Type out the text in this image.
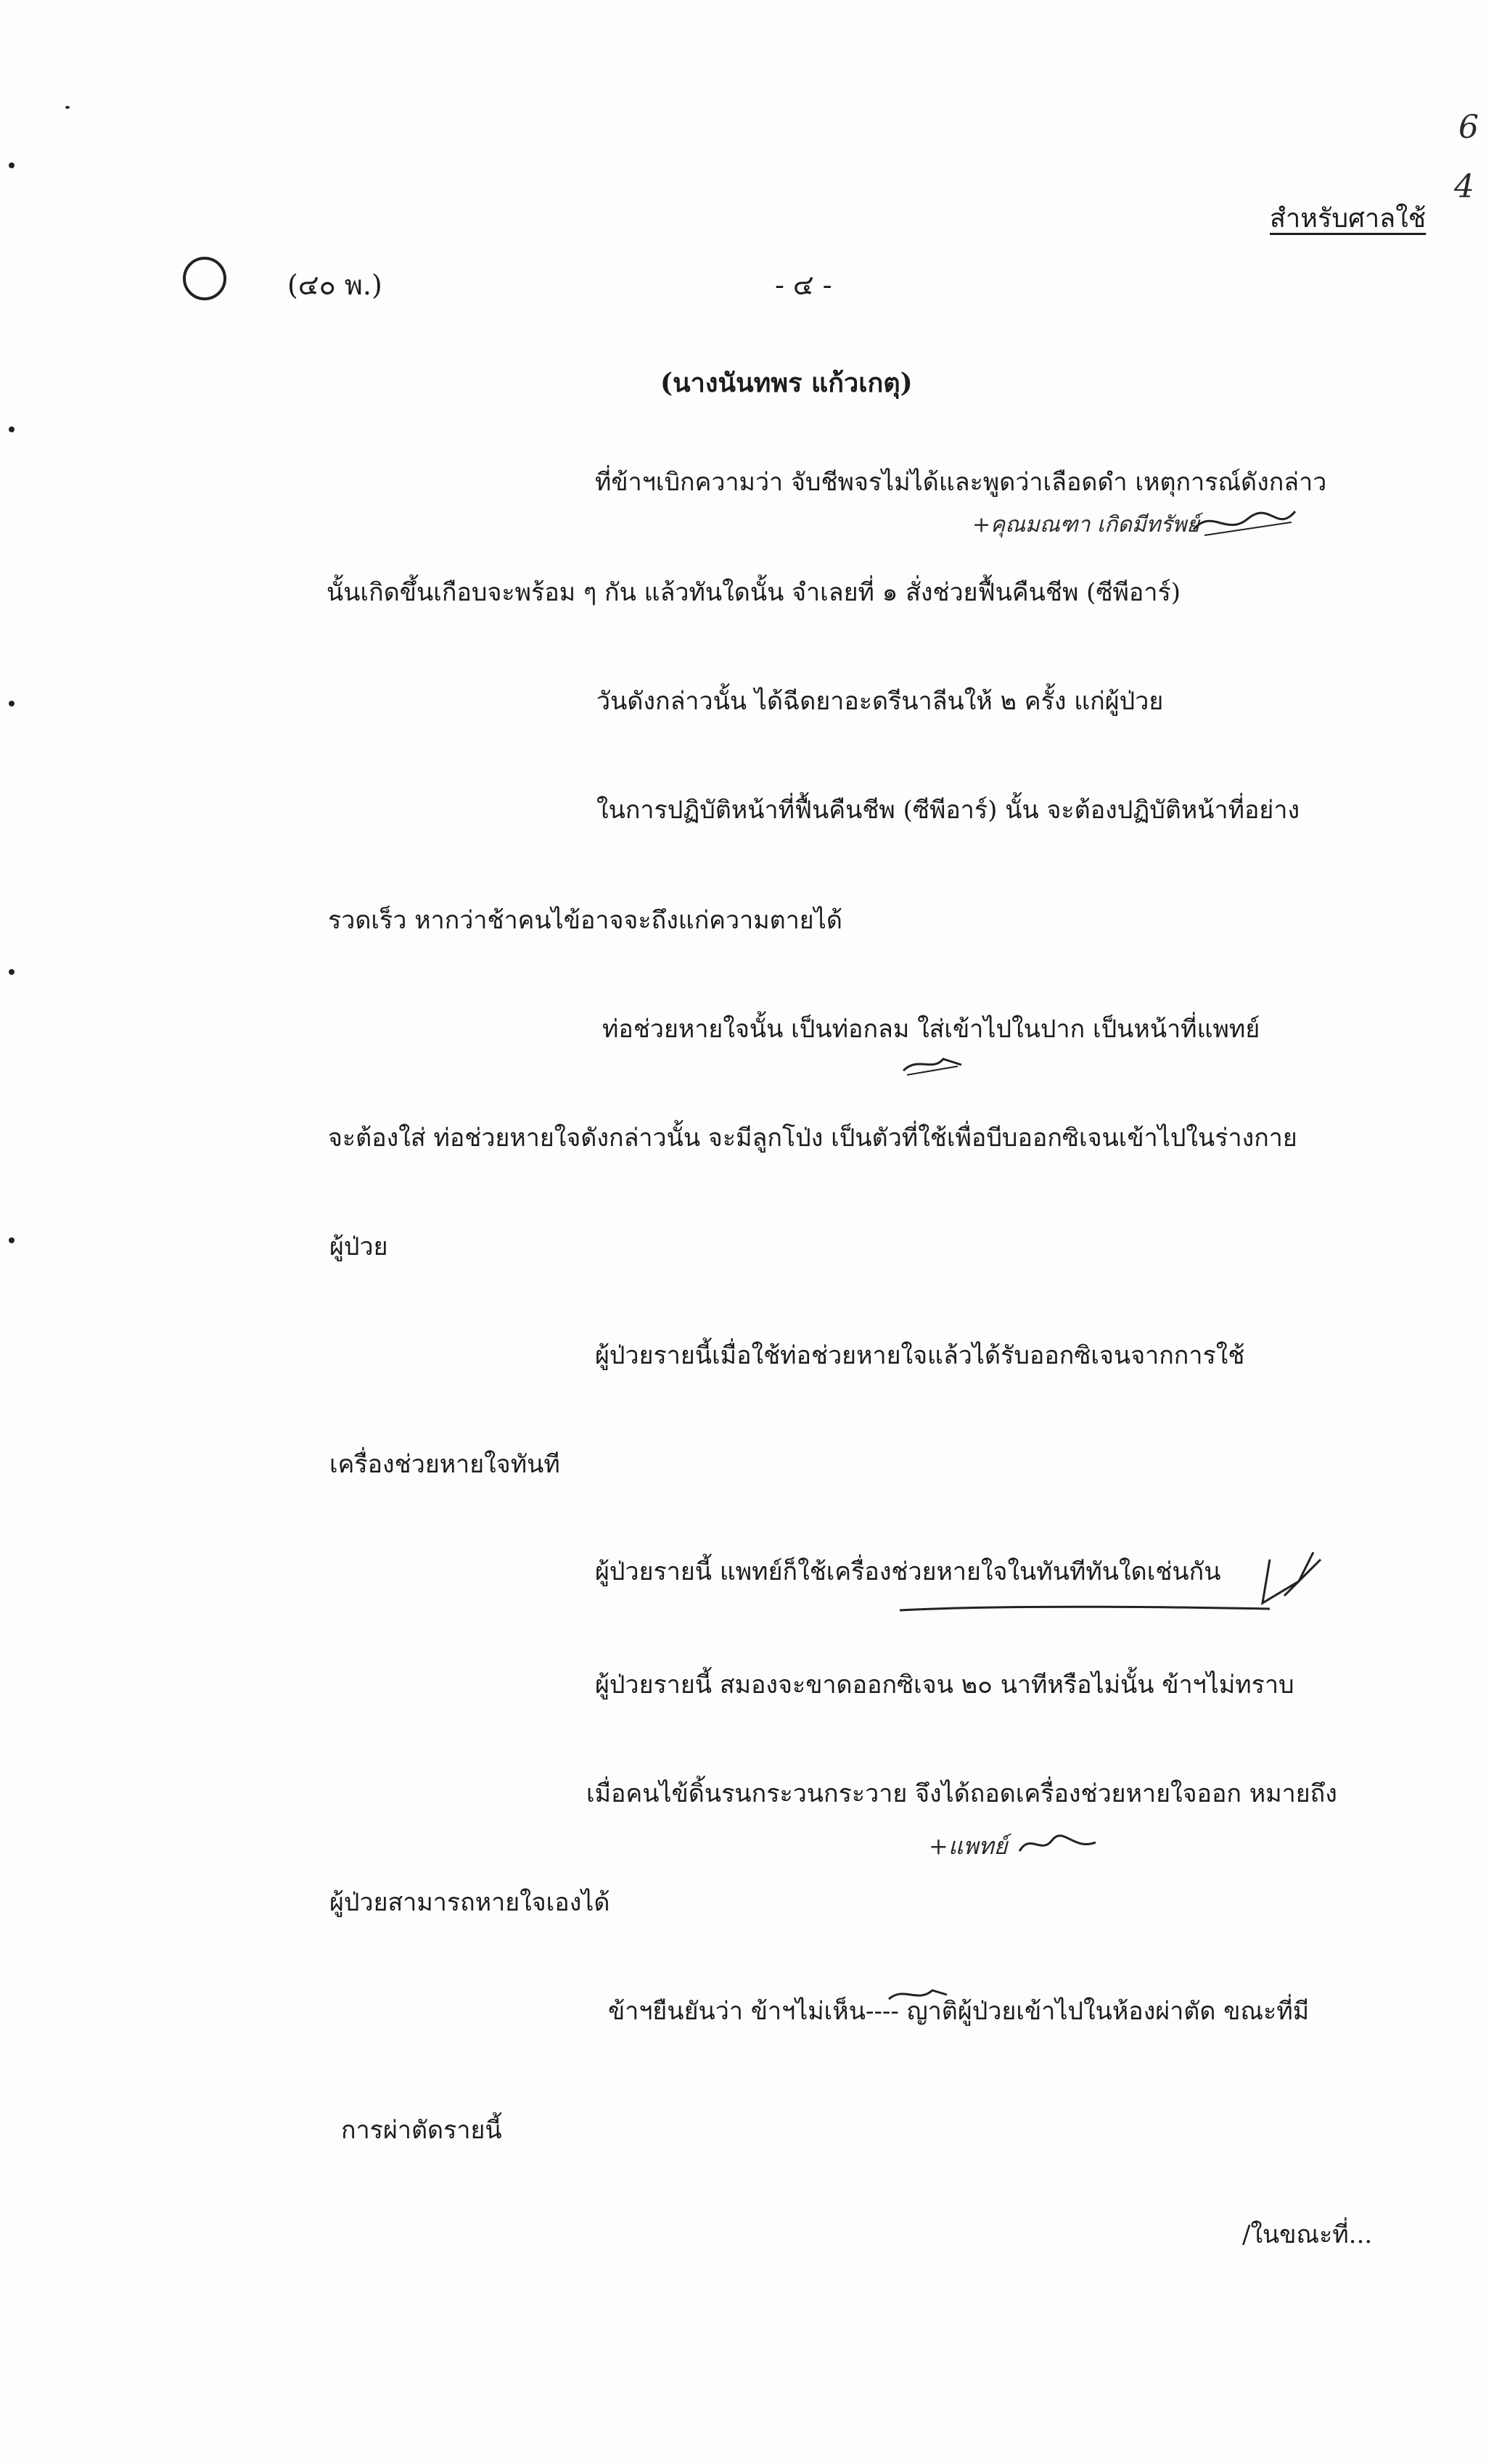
6
4
สำหรับศาลใช้
(๔๐ พ.)	- ๔ -
(นางนันทพร แก้วเกตุ)
ที่ข้าฯเบิกความว่า จับชีพจรไม่ได้และพูดว่าเลือดดำ เหตุการณ์ดังกล่าว
+คุณมณฑา เกิดมีทรัพย์
นั้นเกิดขึ้นเกือบจะพร้อม ๆ กัน แล้วทันใดนั้น จำเลยที่ ๑ สั่งช่วยฟื้นคืนชีพ (ซีพีอาร์)
วันดังกล่าวนั้น ได้ฉีดยาอะดรีนาลีนให้ ๒ ครั้ง แก่ผู้ป่วย
ในการปฏิบัติหน้าที่ฟื้นคืนชีพ (ซีพีอาร์) นั้น จะต้องปฏิบัติหน้าที่อย่าง
รวดเร็ว หากว่าช้าคนไข้อาจจะถึงแก่ความตายได้
ท่อช่วยหายใจนั้น เป็นท่อกลม ใส่เข้าไปในปาก เป็นหน้าที่แพทย์
จะต้องใส่ ท่อช่วยหายใจดังกล่าวนั้น จะมีลูกโป่ง เป็นตัวที่ใช้เพื่อบีบออกซิเจนเข้าไปในร่างกาย
ผู้ป่วย
ผู้ป่วยรายนี้เมื่อใช้ท่อช่วยหายใจแล้วได้รับออกซิเจนจากการใช้
เครื่องช่วยหายใจทันที
ผู้ป่วยรายนี้ แพทย์ก็ใช้เครื่องช่วยหายใจในทันทีทันใดเช่นกัน
ผู้ป่วยรายนี้ สมองจะขาดออกซิเจน ๒๐ นาทีหรือไม่นั้น ข้าฯไม่ทราบ
เมื่อคนไข้ดิ้นรนกระวนกระวาย จึงได้ถอดเครื่องช่วยหายใจออก หมายถึง
+แพทย์
ผู้ป่วยสามารถหายใจเองได้
ข้าฯยืนยันว่า ข้าฯไม่เห็น---- ญาติผู้ป่วยเข้าไปในห้องผ่าตัด ขณะที่มี
การผ่าตัดรายนี้
/ในขณะที่...
